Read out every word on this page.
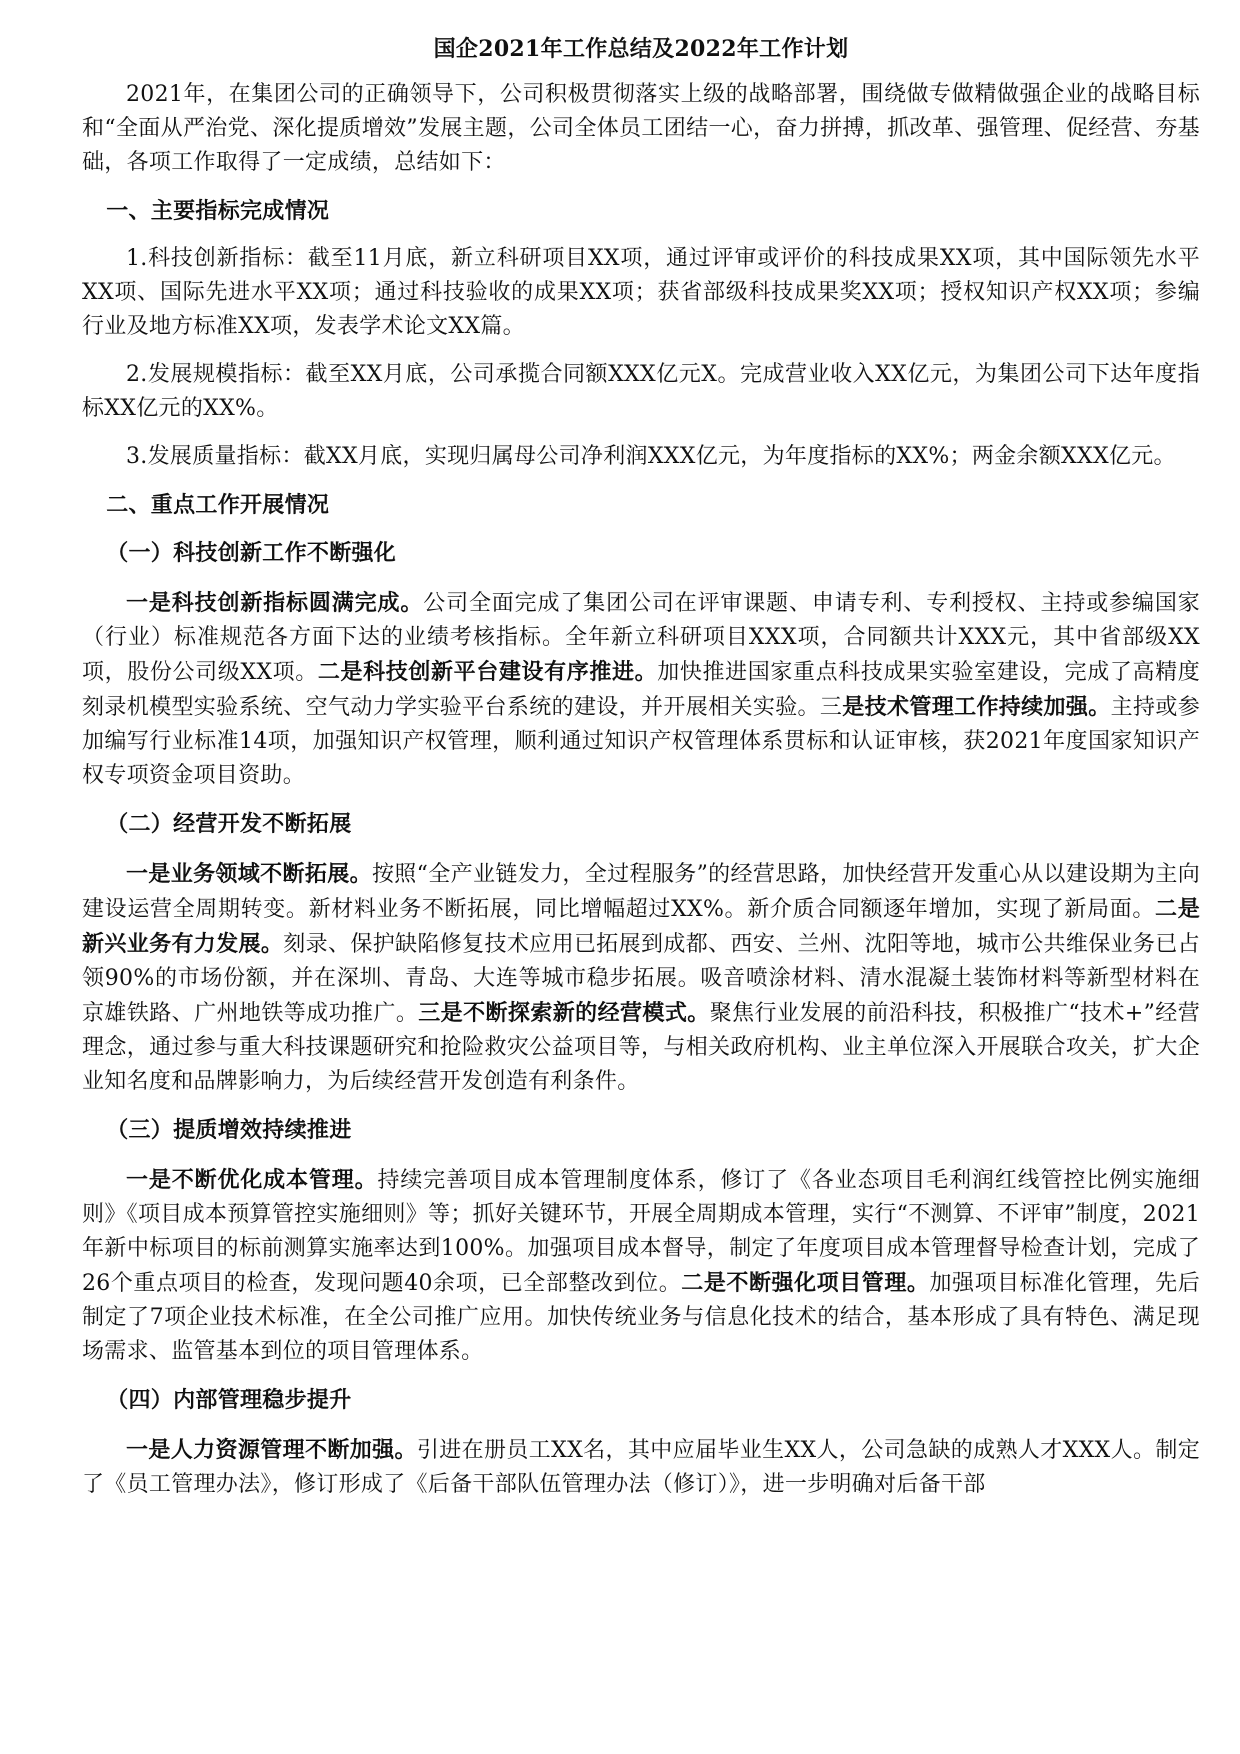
国企2021年工作总结及2022年工作计划

2021年，在集团公司的正确领导下，公司积极贯彻落实上级的战略部署，围绕做专做精做强企业的战略目标和“全面从严治党、深化提质增效”发展主题，公司全体员工团结一心，奋力拼搏，抓改革、强管理、促经营、夯基础，各项工作取得了一定成绩，总结如下：

一、主要指标完成情况

1.科技创新指标：截至11月底，新立科研项目XX项，通过评审或评价的科技成果XX项，其中国际领先水平XX项、国际先进水平XX项；通过科技验收的成果XX项；获省部级科技成果奖XX项；授权知识产权XX项；参编行业及地方标准XX项，发表学术论文XX篇。

2.发展规模指标：截至XX月底，公司承揽合同额XXX亿元X。完成营业收入XX亿元，为集团公司下达年度指标XX亿元的XX%。

3.发展质量指标：截XX月底，实现归属母公司净利润XXX亿元，为年度指标的XX%；两金余额XXX亿元。

二、重点工作开展情况

（一）科技创新工作不断强化

一是科技创新指标圆满完成。公司全面完成了集团公司在评审课题、申请专利、专利授权、主持或参编国家（行业）标准规范各方面下达的业绩考核指标。全年新立科研项目XXX项，合同额共计XXX元，其中省部级XX项，股份公司级XX项。二是科技创新平台建设有序推进。加快推进国家重点科技成果实验室建设，完成了高精度刻录机模型实验系统、空气动力学实验平台系统的建设，并开展相关实验。三是技术管理工作持续加强。主持或参加编写行业标准14项，加强知识产权管理，顺利通过知识产权管理体系贯标和认证审核，获2021年度国家知识产权专项资金项目资助。

（二）经营开发不断拓展

一是业务领域不断拓展。按照“全产业链发力，全过程服务”的经营思路，加快经营开发重心从以建设期为主向建设运营全周期转变。新材料业务不断拓展，同比增幅超过XX%。新介质合同额逐年增加，实现了新局面。二是新兴业务有力发展。刻录、保护缺陷修复技术应用已拓展到成都、西安、兰州、沈阳等地，城市公共维保业务已占领90%的市场份额，并在深圳、青岛、大连等城市稳步拓展。吸音喷涂材料、清水混凝土装饰材料等新型材料在京雄铁路、广州地铁等成功推广。三是不断探索新的经营模式。聚焦行业发展的前沿科技，积极推广“技术+”经营理念，通过参与重大科技课题研究和抢险救灾公益项目等，与相关政府机构、业主单位深入开展联合攻关，扩大企业知名度和品牌影响力，为后续经营开发创造有利条件。

（三）提质增效持续推进

一是不断优化成本管理。持续完善项目成本管理制度体系，修订了《各业态项目毛利润红线管控比例实施细则》《项目成本预算管控实施细则》等；抓好关键环节，开展全周期成本管理，实行“不测算、不评审”制度，2021年新中标项目的标前测算实施率达到100%。加强项目成本督导，制定了年度项目成本管理督导检查计划，完成了26个重点项目的检查，发现问题40余项，已全部整改到位。二是不断强化项目管理。加强项目标准化管理，先后制定了7项企业技术标准，在全公司推广应用。加快传统业务与信息化技术的结合，基本形成了具有特色、满足现场需求、监管基本到位的项目管理体系。

（四）内部管理稳步提升

一是人力资源管理不断加强。引进在册员工XX名，其中应届毕业生XX人，公司急缺的成熟人才XXX人。制定了《员工管理办法》，修订形成了《后备干部队伍管理办法（修订）》，进一步明确对后备干部
